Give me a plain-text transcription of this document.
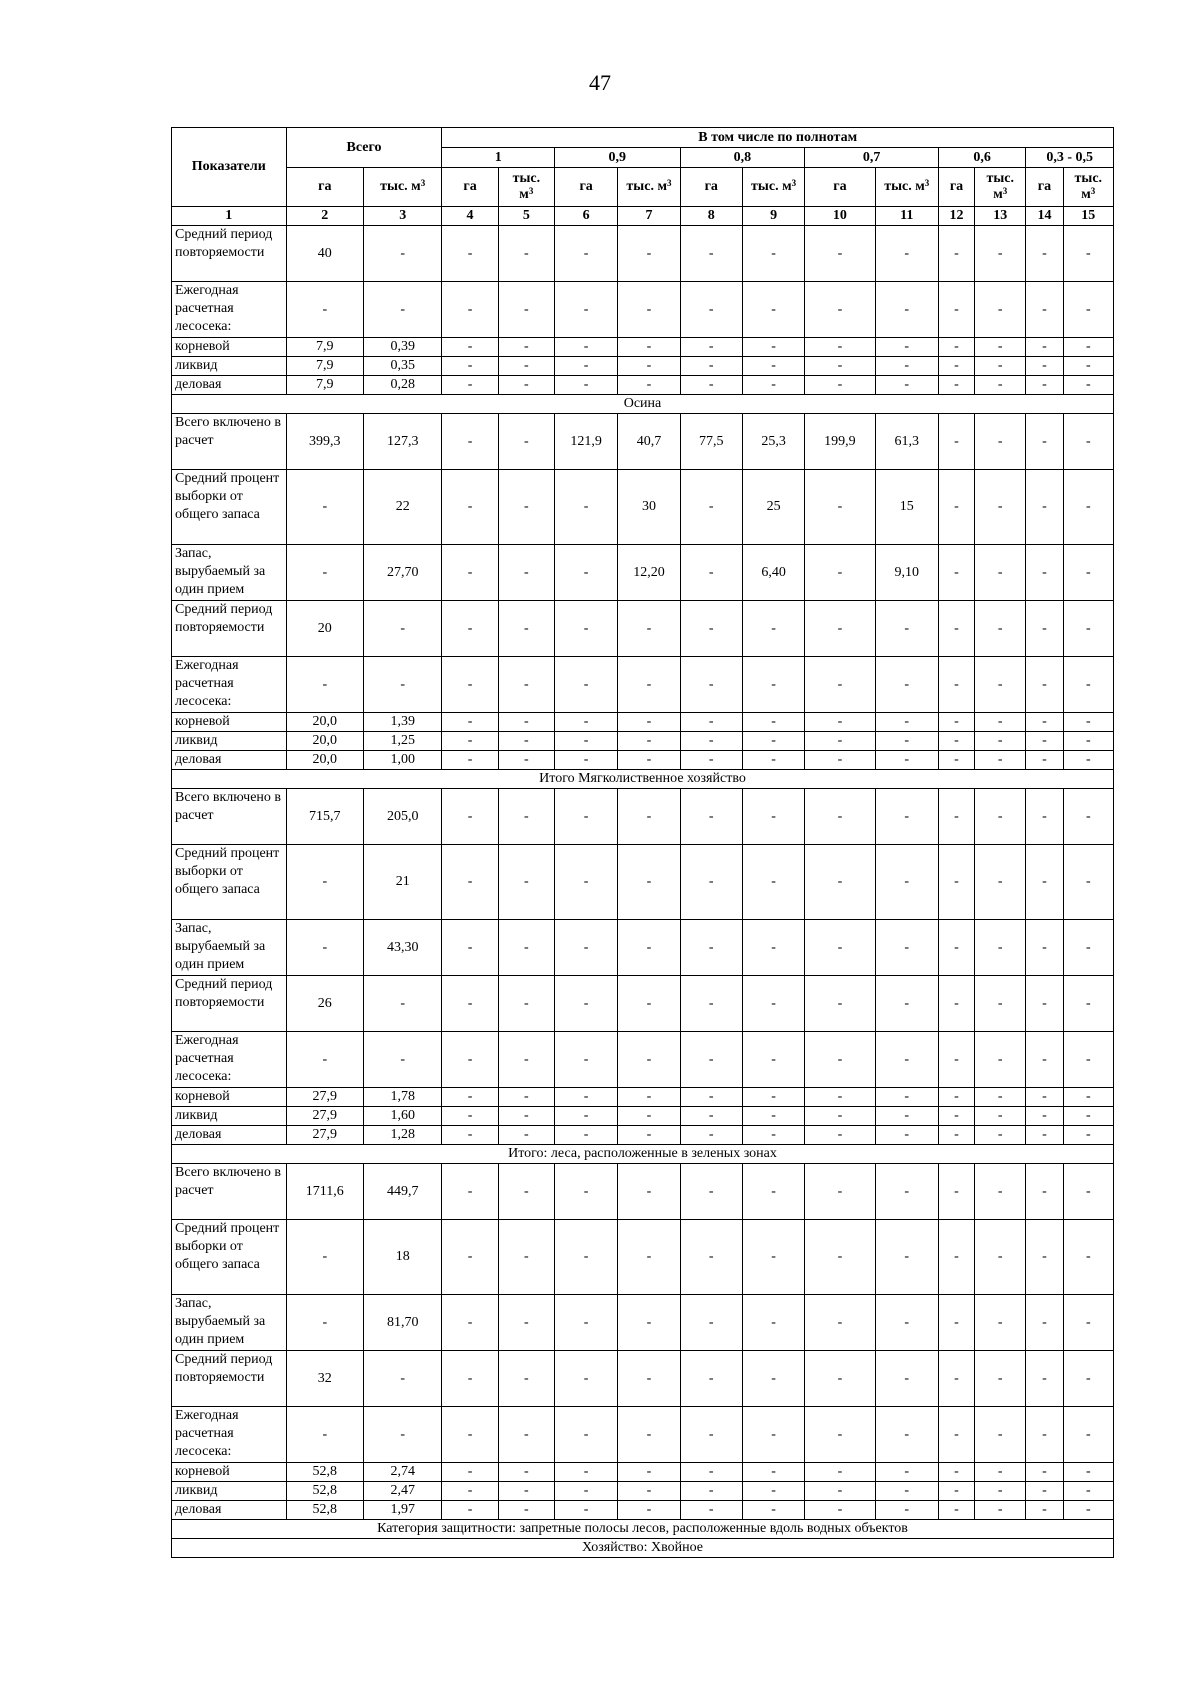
47
Показатели	Всего		В том числе по полнотам											
			1		0,9		0,8		0,7		0,6		0,3 - 0,5	
	га	тыс. $м^3$	га	тыс. $м^3$	га	тыс. $м^3$	га	тыс. $м^3$	га	тыс. $м^3$	га	тыс. $м^3$	га	тыс. $м^3$
1	2	3	4	5	6	7	8	9	10	11	12	13	14	15
Средний период повторяемости	40	-	-	-	-	-	-	-	-	-	-	-	-	-
Ежегодная расчетная лесосека:	-	-	-	-	-	-	-	-	-	-	-	-	-	-
корневой	7,9	0,39	-	-	-	-	-	-	-	-	-	-	-	-
ликвид	7,9	0,35	-	-	-	-	-	-	-	-	-	-	-	-
деловая	7,9	0,28	-	-	-	-	-	-	-	-	-	-	-	-
Осина														
Всего включено в расчет	399,3	127,3	-	-	121,9	40,7	77,5	25,3	199,9	61,3	-	-	-	-
Средний процент выборки от общего запаса	-	22	-	-	-	30	-	25	-	15	-	-	-	-
Запас, вырубаемый за один прием	-	27,70	-	-	-	12,20	-	6,40	-	9,10	-	-	-	-
Средний период повторяемости	20	-	-	-	-	-	-	-	-	-	-	-	-	-
Ежегодная расчетная лесосека:	-	-	-	-	-	-	-	-	-	-	-	-	-	-
корневой	20,0	1,39	-	-	-	-	-	-	-	-	-	-	-	-
ликвид	20,0	1,25	-	-	-	-	-	-	-	-	-	-	-	-
деловая	20,0	1,00	-	-	-	-	-	-	-	-	-	-	-	-
Итого Мягколиственное хозяйство														
Всего включено в расчет	715,7	205,0	-	-	-	-	-	-	-	-	-	-	-	-
Средний процент выборки от общего запаса	-	21	-	-	-	-	-	-	-	-	-	-	-	-
Запас, вырубаемый за один прием	-	43,30	-	-	-	-	-	-	-	-	-	-	-	-
Средний период повторяемости	26	-	-	-	-	-	-	-	-	-	-	-	-	-
Ежегодная расчетная лесосека:	-	-	-	-	-	-	-	-	-	-	-	-	-	-
корневой	27,9	1,78	-	-	-	-	-	-	-	-	-	-	-	-
ликвид	27,9	1,60	-	-	-	-	-	-	-	-	-	-	-	-
деловая	27,9	1,28	-	-	-	-	-	-	-	-	-	-	-	-
Итого: леса, расположенные в зеленых зонах														
Всего включено в расчет	1711,6	449,7	-	-	-	-	-	-	-	-	-	-	-	-
Средний процент выборки от общего запаса	-	18	-	-	-	-	-	-	-	-	-	-	-	-
Запас, вырубаемый за один прием	-	81,70	-	-	-	-	-	-	-	-	-	-	-	-
Средний период повторяемости	32	-	-	-	-	-	-	-	-	-	-	-	-	-
Ежегодная расчетная лесосека:	-	-	-	-	-	-	-	-	-	-	-	-	-	-
корневой	52,8	2,74	-	-	-	-	-	-	-	-	-	-	-	-
ликвид	52,8	2,47	-	-	-	-	-	-	-	-	-	-	-	-
деловая	52,8	1,97	-	-	-	-	-	-	-	-	-	-	-	-
Категория защитности: запретные полосы лесов, расположенные вдоль водных объектов														
Хозяйство: Хвойное														
